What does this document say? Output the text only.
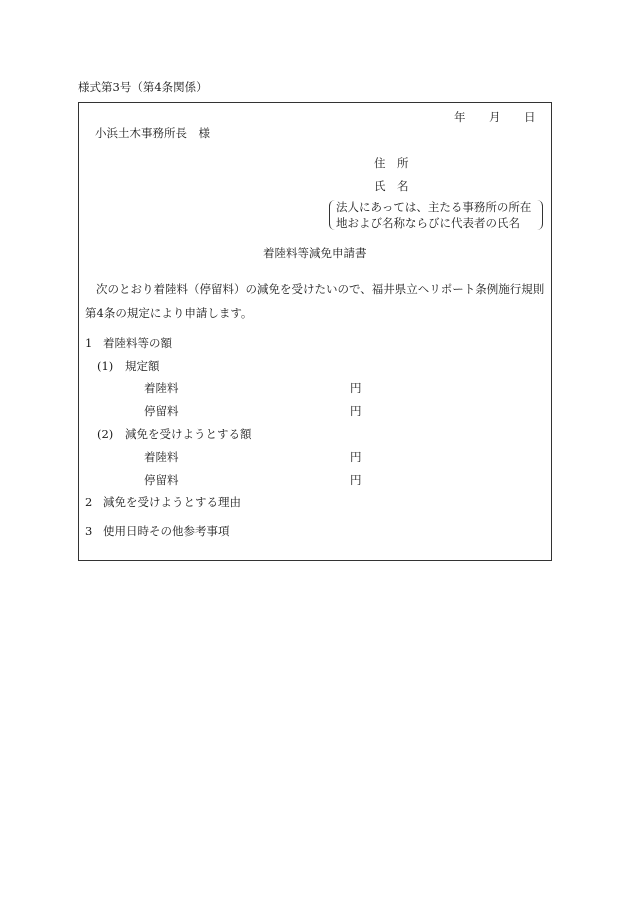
様式第3号（第4条関係）
年 月 日
小浜土木事務所長　様
住　所
氏　名
法人にあっては、主たる事務所の所在
地および名称ならびに代表者の氏名
着陸料等減免申請書
次のとおり着陸料（停留料）の減免を受けたいので、福井県立ヘリポート条例施行規則第4条の規定により申請します。
1 着陸料等の額
(1) 規定額
着陸料	円
停留料	円
(2) 減免を受けようとする額
着陸料	円
停留料	円
2 減免を受けようとする理由
3 使用日時その他参考事項
